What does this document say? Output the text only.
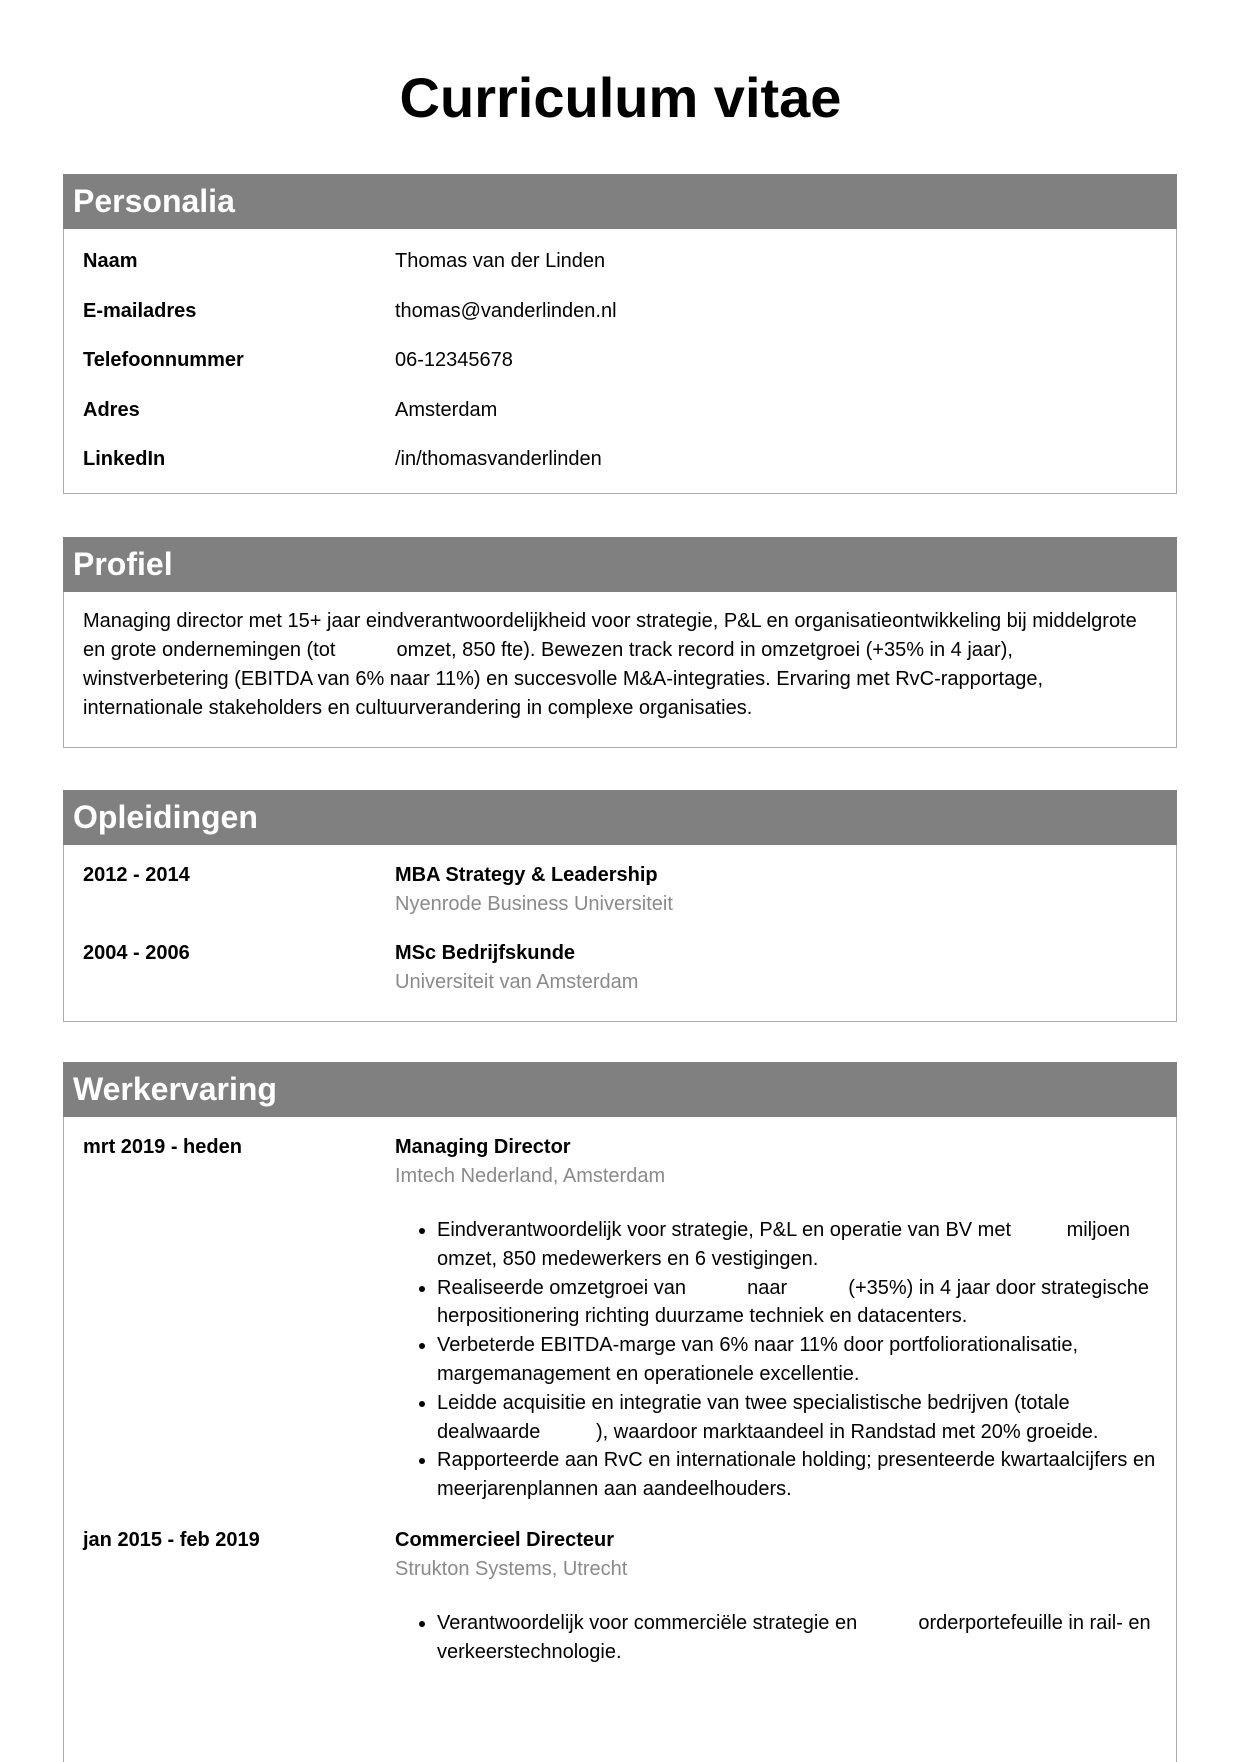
Curriculum vitae
Personalia
Naam	Thomas van der Linden
E-mailadres	thomas@vanderlinden.nl
Telefoonnummer	06-12345678
Adres	Amsterdam
LinkedIn	/in/thomasvanderlinden
Profiel
Managing director met 15+ jaar eindverantwoordelijkheid voor strategie, P&L en organisatieontwikkeling bij middelgrote en grote ondernemingen (tot           omzet, 850 fte). Bewezen track record in omzetgroei (+35% in 4 jaar), winstverbetering (EBITDA van 6% naar 11%) en succesvolle M&A-integraties. Ervaring met RvC-rapportage, internationale stakeholders en cultuurverandering in complexe organisaties.
Opleidingen
2012 - 2014	MBA Strategy & Leadership
Nyenrode Business Universiteit
2004 - 2006	MSc Bedrijfskunde
Universiteit van Amsterdam
Werkervaring
mrt 2019 - heden	Managing Director
Imtech Nederland, Amsterdam
• Eindverantwoordelijk voor strategie, P&L en operatie van BV met          miljoen omzet, 850 medewerkers en 6 vestigingen.
• Realiseerde omzetgroei van           naar           (+35%) in 4 jaar door strategische herpositionering richting duurzame techniek en datacenters.
• Verbeterde EBITDA-marge van 6% naar 11% door portfoliorationalisatie, margemanagement en operationele excellentie.
• Leidde acquisitie en integratie van twee specialistische bedrijven (totale dealwaarde          ), waardoor marktaandeel in Randstad met 20% groeide.
• Rapporteerde aan RvC en internationale holding; presenteerde kwartaalcijfers en meerjarenplannen aan aandeelhouders.
jan 2015 - feb 2019	Commercieel Directeur
Strukton Systems, Utrecht
• Verantwoordelijk voor commerciële strategie en           orderportefeuille in rail- en verkeerstechnologie.
